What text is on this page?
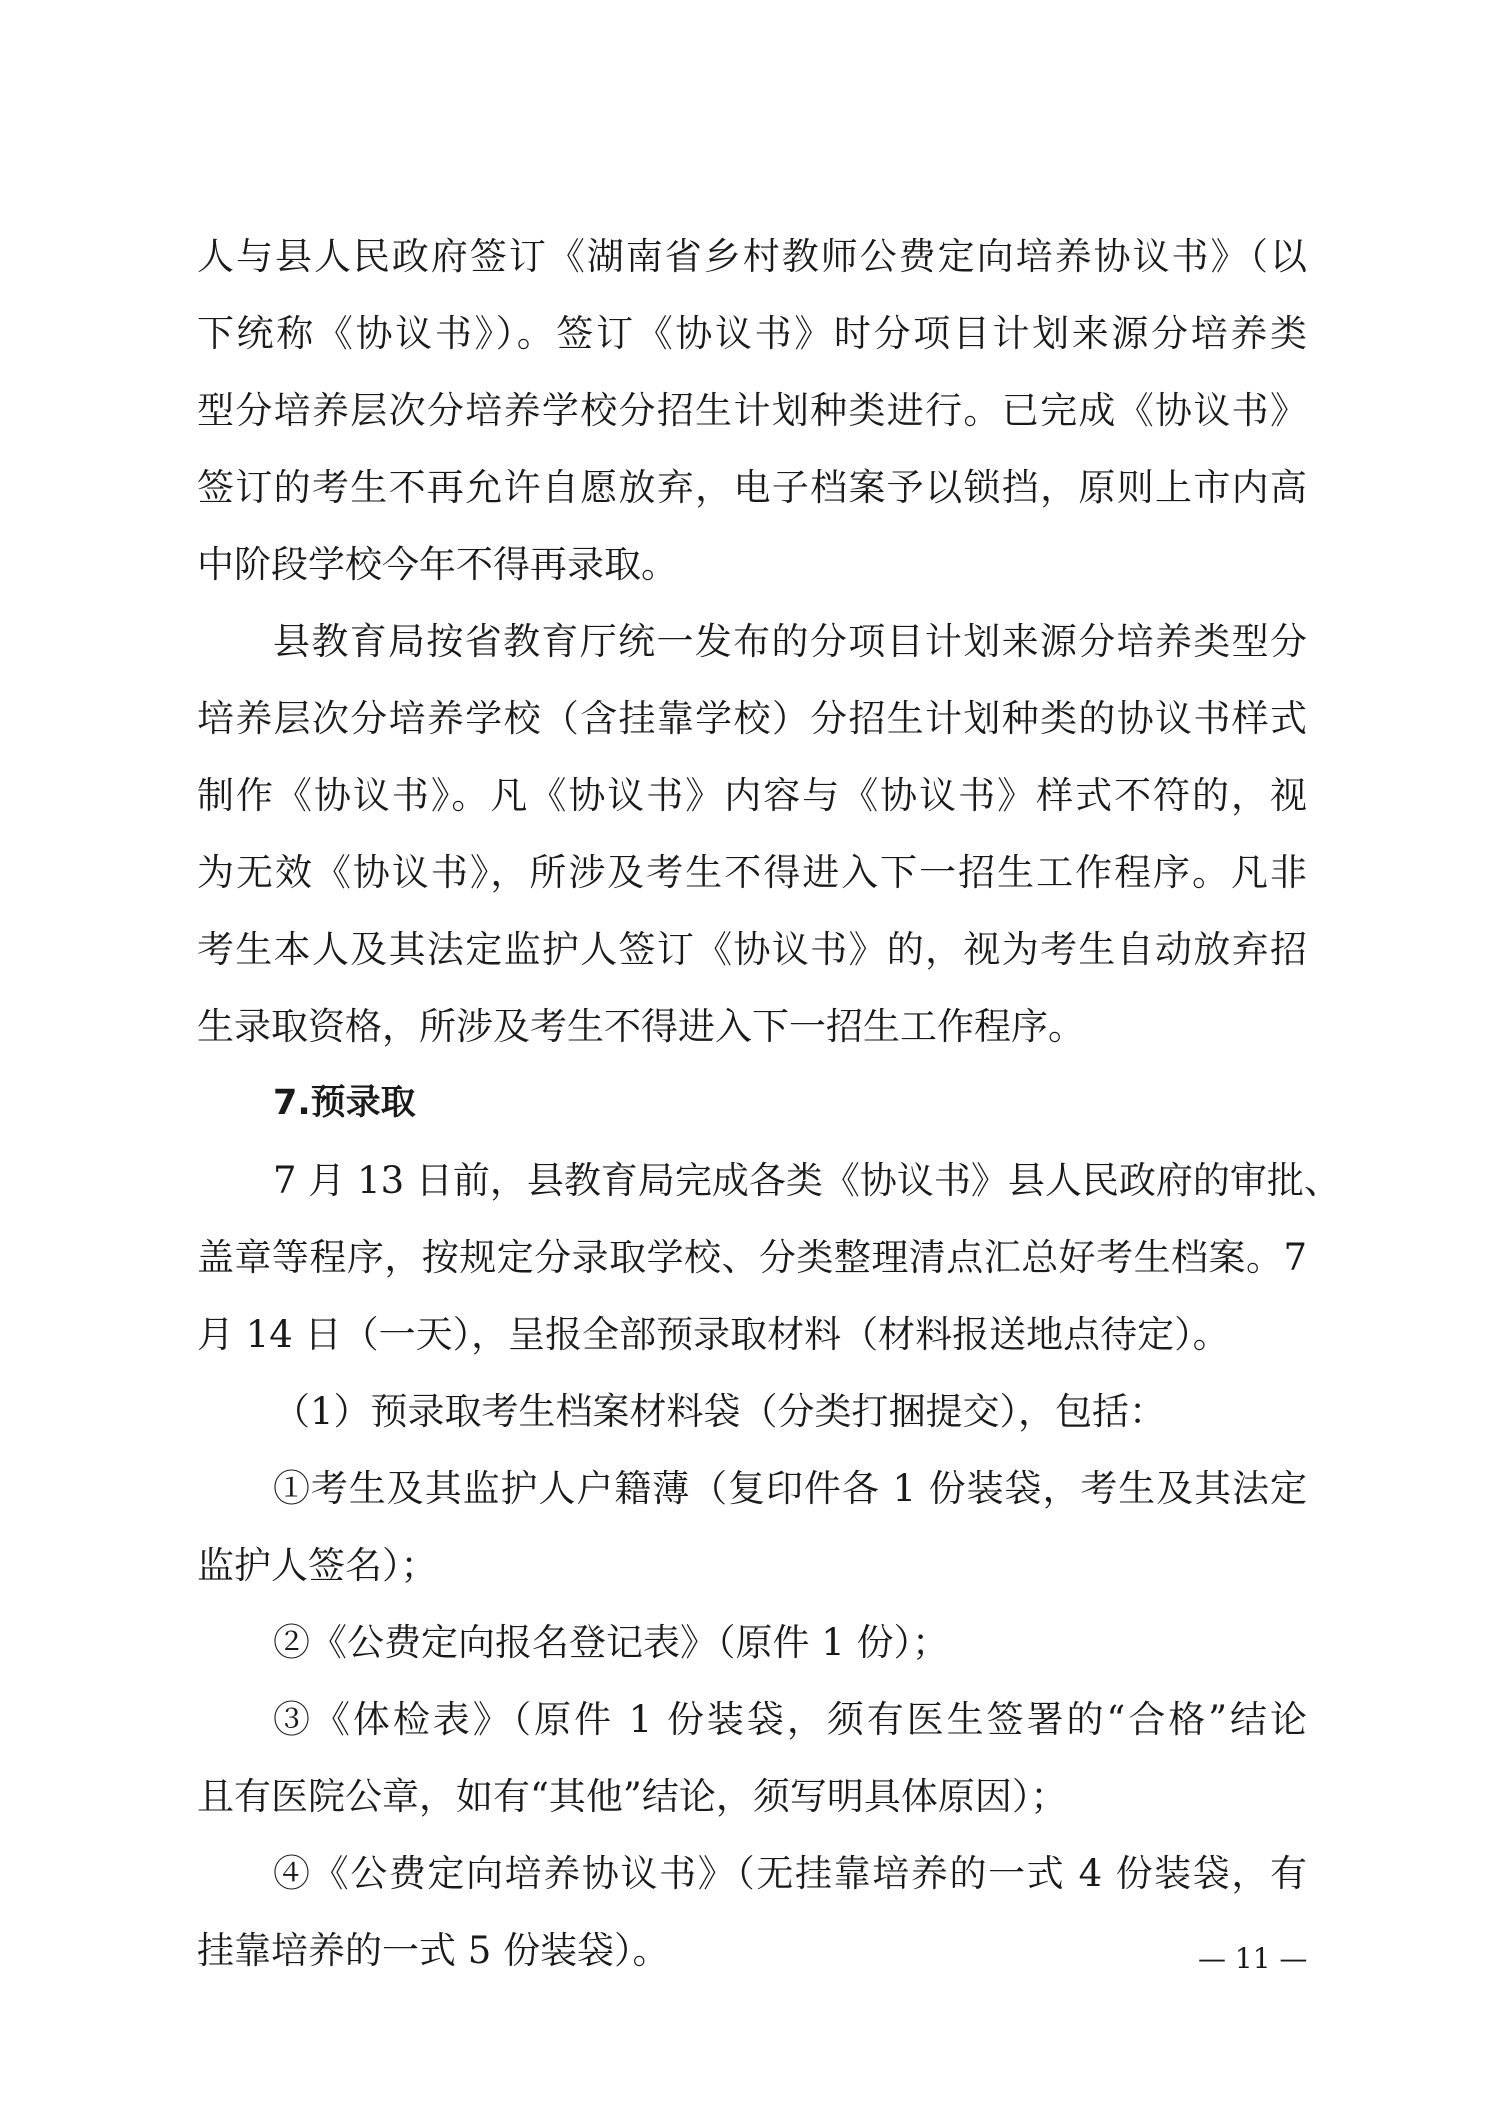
人与县人民政府签订《湖南省乡村教师公费定向培养协议书》（以
下统称《协议书》）。签订《协议书》时分项目计划来源分培养类
型分培养层次分培养学校分招生计划种类进行。已完成《协议书》
签订的考生不再允许自愿放弃，电子档案予以锁挡，原则上市内高
中阶段学校今年不得再录取。
县教育局按省教育厅统一发布的分项目计划来源分培养类型分
培养层次分培养学校（含挂靠学校）分招生计划种类的协议书样式
制作《协议书》。凡《协议书》内容与《协议书》样式不符的，视
为无效《协议书》，所涉及考生不得进入下一招生工作程序。凡非
考生本人及其法定监护人签订《协议书》的，视为考生自动放弃招
生录取资格，所涉及考生不得进入下一招生工作程序。
7.预录取
7 月 13 日前，县教育局完成各类《协议书》县人民政府的审批、
盖章等程序，按规定分录取学校、分类整理清点汇总好考生档案。7
月 14 日（一天），呈报全部预录取材料（材料报送地点待定）。
（1）预录取考生档案材料袋（分类打捆提交），包括：
①考生及其监护人户籍薄（复印件各 1 份装袋，考生及其法定
监护人签名）；
②《公费定向报名登记表》（原件 1 份）；
③《体检表》（原件 1 份装袋，须有医生签署的“合格”结论
且有医院公章，如有“其他”结论，须写明具体原因）；
④《公费定向培养协议书》（无挂靠培养的一式 4 份装袋，有
挂靠培养的一式 5 份装袋）。	— 11 —
